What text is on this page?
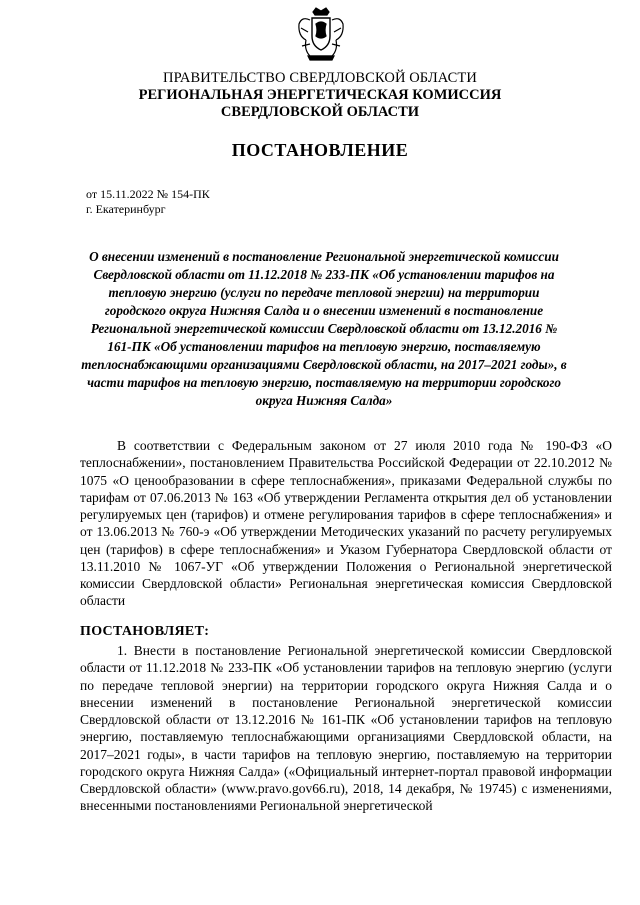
ПРАВИТЕЛЬСТВО СВЕРДЛОВСКОЙ ОБЛАСТИ
РЕГИОНАЛЬНАЯ ЭНЕРГЕТИЧЕСКАЯ КОМИССИЯ
СВЕРДЛОВСКОЙ ОБЛАСТИ
ПОСТАНОВЛЕНИЕ
от 15.11.2022 № 154-ПК
г. Екатеринбург

О внесении изменений в постановление Региональной энергетической комиссии Свердловской области от 11.12.2018 № 233-ПК «Об установлении тарифов на тепловую энергию (услуги по передаче тепловой энергии) на территории городского округа Нижняя Салда и о внесении изменений в постановление Региональной энергетической комиссии Свердловской области от 13.12.2016 № 161-ПК «Об установлении тарифов на тепловую энергию, поставляемую теплоснабжающими организациями Свердловской области, на 2017–2021 годы», в части тарифов на тепловую энергию, поставляемую на территории городского округа Нижняя Салда»

В соответствии с Федеральным законом от 27 июля 2010 года № 190-ФЗ «О теплоснабжении», постановлением Правительства Российской Федерации от 22.10.2012 № 1075 «О ценообразовании в сфере теплоснабжения», приказами Федеральной службы по тарифам от 07.06.2013 № 163 «Об утверждении Регламента открытия дел об установлении регулируемых цен (тарифов) и отмене регулирования тарифов в сфере теплоснабжения» и от 13.06.2013 № 760-э «Об утверждении Методических указаний по расчету регулируемых цен (тарифов) в сфере теплоснабжения» и Указом Губернатора Свердловской области от 13.11.2010 № 1067-УГ «Об утверждении Положения о Региональной энергетической комиссии Свердловской области» Региональная энергетическая комиссия Свердловской области

ПОСТАНОВЛЯЕТ:

1. Внести в постановление Региональной энергетической комиссии Свердловской области от 11.12.2018 № 233-ПК «Об установлении тарифов на тепловую энергию (услуги по передаче тепловой энергии) на территории городского округа Нижняя Салда и о внесении изменений в постановление Региональной энергетической комиссии Свердловской области от 13.12.2016 № 161-ПК «Об установлении тарифов на тепловую энергию, поставляемую теплоснабжающими организациями Свердловской области, на 2017–2021 годы», в части тарифов на тепловую энергию, поставляемую на территории городского округа Нижняя Салда» («Официальный интернет-портал правовой информации Свердловской области» (www.pravo.gov66.ru), 2018, 14 декабря, № 19745) с изменениями, внесенными постановлениями Региональной энергетической
